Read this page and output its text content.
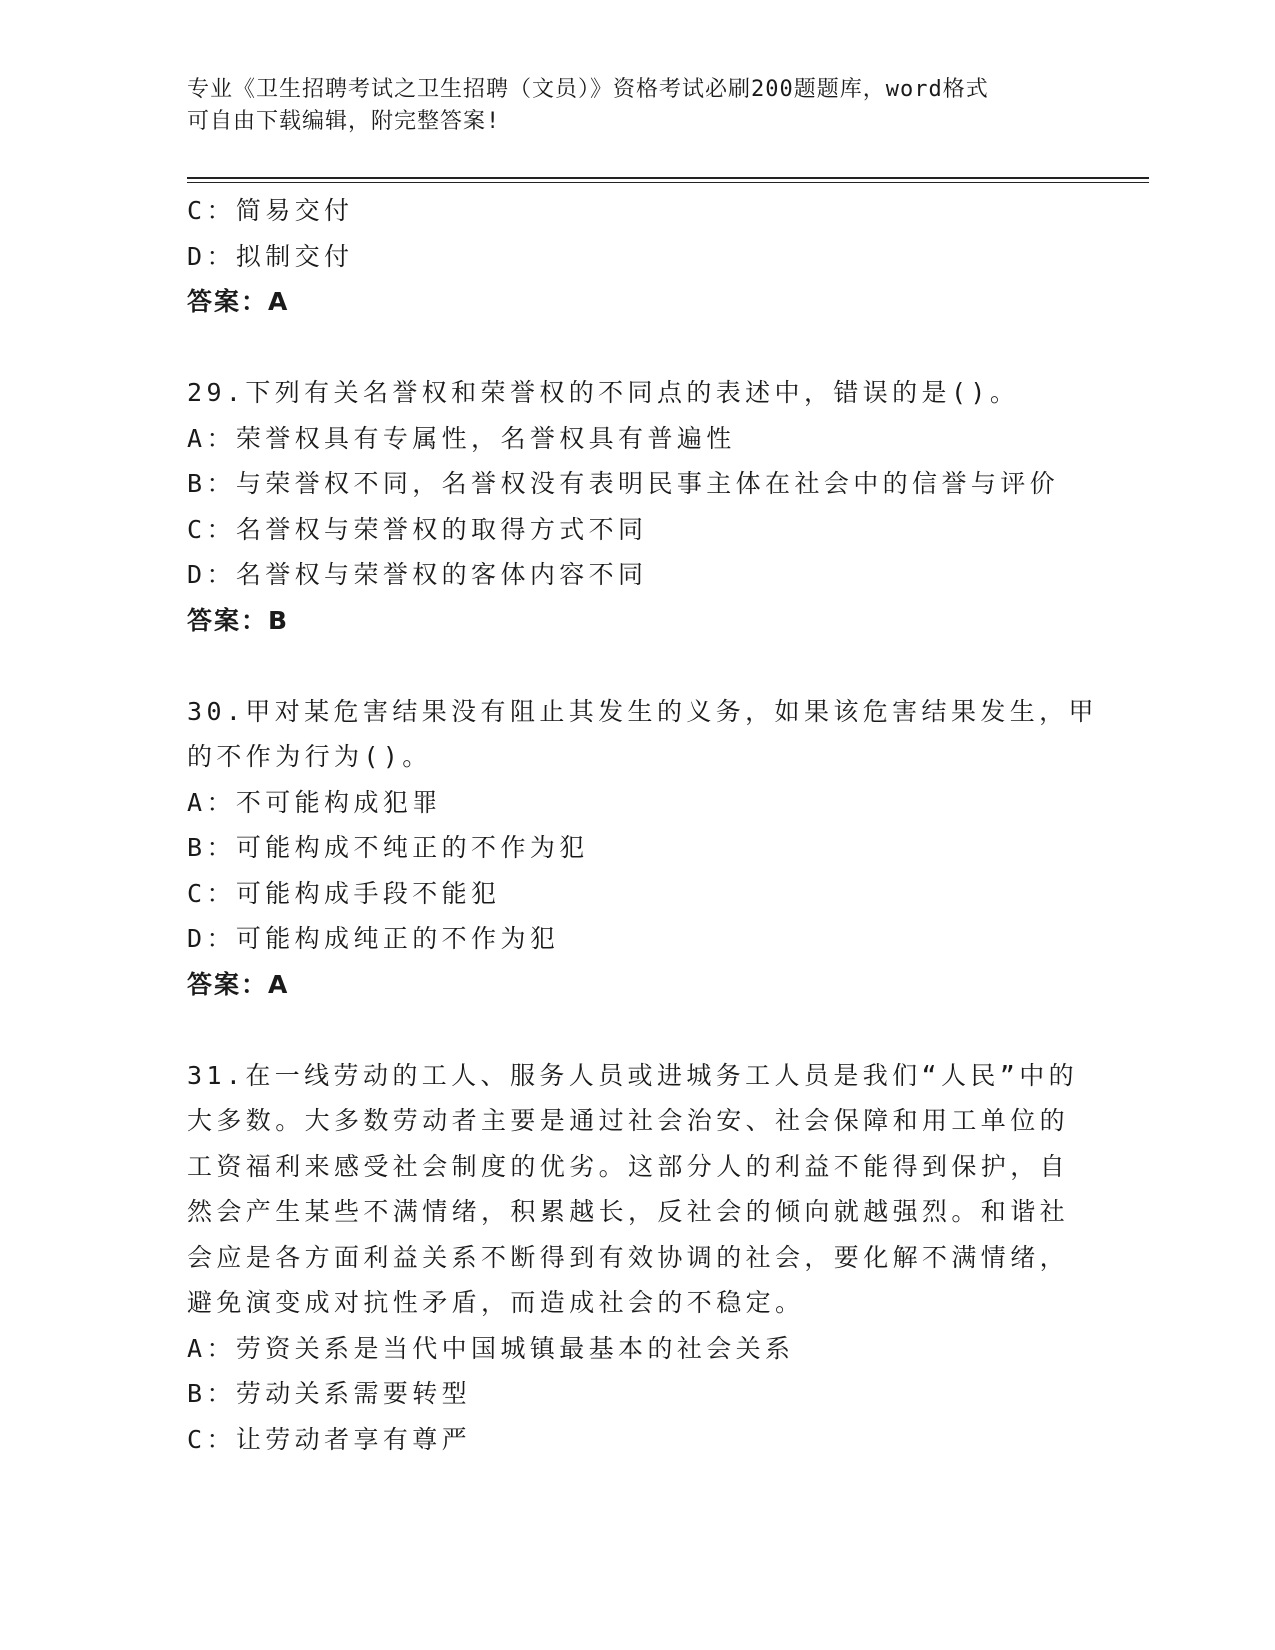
专业《卫生招聘考试之卫生招聘（文员）》资格考试必刷200题题库，word格式
可自由下载编辑，附完整答案!
C：简易交付
D：拟制交付
答案：A
29.下列有关名誉权和荣誉权的不同点的表述中，错误的是()。
A：荣誉权具有专属性，名誉权具有普遍性
B：与荣誉权不同，名誉权没有表明民事主体在社会中的信誉与评价
C：名誉权与荣誉权的取得方式不同
D：名誉权与荣誉权的客体内容不同
答案：B
30.甲对某危害结果没有阻止其发生的义务，如果该危害结果发生，甲
的不作为行为()。
A：不可能构成犯罪
B：可能构成不纯正的不作为犯
C：可能构成手段不能犯
D：可能构成纯正的不作为犯
答案：A
31.在一线劳动的工人、服务人员或进城务工人员是我们“人民”中的
大多数。大多数劳动者主要是通过社会治安、社会保障和用工单位的
工资福利来感受社会制度的优劣。这部分人的利益不能得到保护，自
然会产生某些不满情绪，积累越长，反社会的倾向就越强烈。和谐社
会应是各方面利益关系不断得到有效协调的社会，要化解不满情绪，
避免演变成对抗性矛盾，而造成社会的不稳定。
A：劳资关系是当代中国城镇最基本的社会关系
B：劳动关系需要转型
C：让劳动者享有尊严
